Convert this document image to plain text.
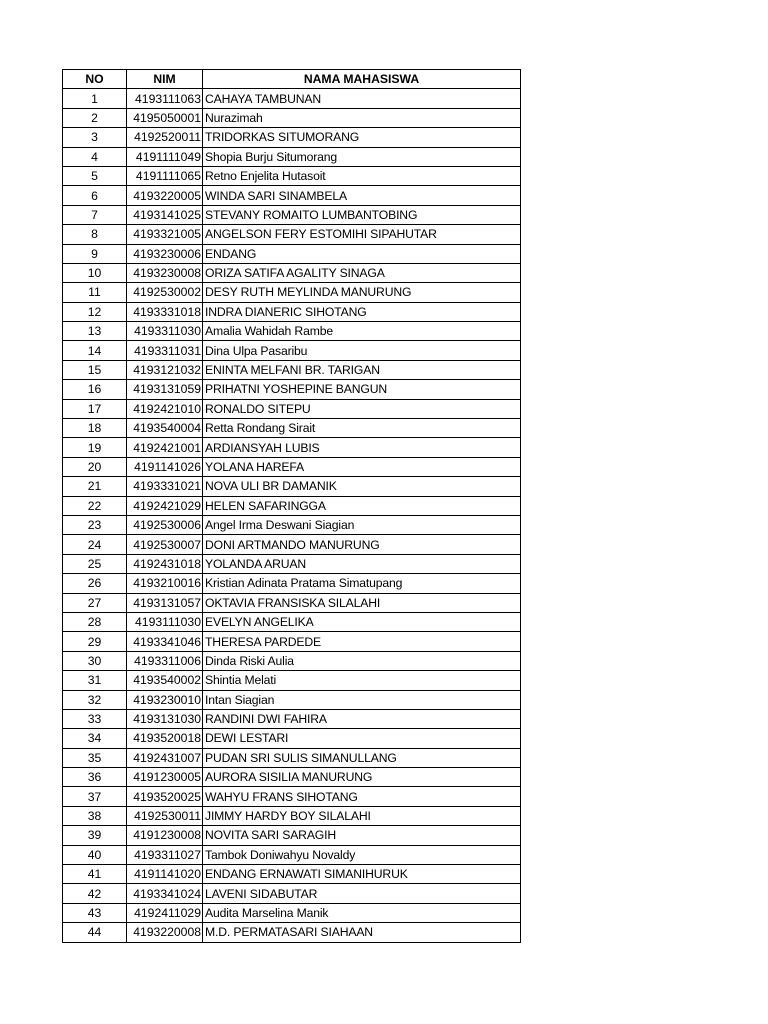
NO	NIM	NAMA MAHASISWA
1	4193111063	CAHAYA TAMBUNAN
2	4195050001	Nurazimah
3	4192520011	TRIDORKAS SITUMORANG
4	4191111049	Shopia Burju Situmorang
5	4191111065	Retno Enjelita Hutasoit
6	4193220005	WINDA SARI SINAMBELA
7	4193141025	STEVANY ROMAITO LUMBANTOBING
8	4193321005	ANGELSON FERY ESTOMIHI SIPAHUTAR
9	4193230006	ENDANG
10	4193230008	ORIZA SATIFA AGALITY SINAGA
11	4192530002	DESY RUTH MEYLINDA MANURUNG
12	4193331018	INDRA DIANERIC SIHOTANG
13	4193311030	Amalia Wahidah Rambe
14	4193311031	Dina Ulpa Pasaribu
15	4193121032	ENINTA MELFANI BR. TARIGAN
16	4193131059	PRIHATNI YOSHEPINE BANGUN
17	4192421010	RONALDO SITEPU
18	4193540004	Retta Rondang Sirait
19	4192421001	ARDIANSYAH LUBIS
20	4191141026	YOLANA HAREFA
21	4193331021	NOVA ULI BR DAMANIK
22	4192421029	HELEN SAFARINGGA
23	4192530006	Angel Irma Deswani Siagian
24	4192530007	DONI ARTMANDO MANURUNG
25	4192431018	YOLANDA ARUAN
26	4193210016	Kristian Adinata Pratama Simatupang
27	4193131057	OKTAVIA FRANSISKA SILALAHI
28	4193111030	EVELYN ANGELIKA
29	4193341046	THERESA PARDEDE
30	4193311006	Dinda Riski Aulia
31	4193540002	Shintia Melati
32	4193230010	Intan Siagian
33	4193131030	RANDINI DWI FAHIRA
34	4193520018	DEWI LESTARI
35	4192431007	PUDAN SRI SULIS SIMANULLANG
36	4191230005	AURORA SISILIA MANURUNG
37	4193520025	WAHYU FRANS SIHOTANG
38	4192530011	JIMMY HARDY BOY SILALAHI
39	4191230008	NOVITA SARI SARAGIH
40	4193311027	Tambok Doniwahyu Novaldy
41	4191141020	ENDANG ERNAWATI SIMANIHURUK
42	4193341024	LAVENI SIDABUTAR
43	4192411029	Audita Marselina Manik
44	4193220008	M.D. PERMATASARI SIAHAAN
